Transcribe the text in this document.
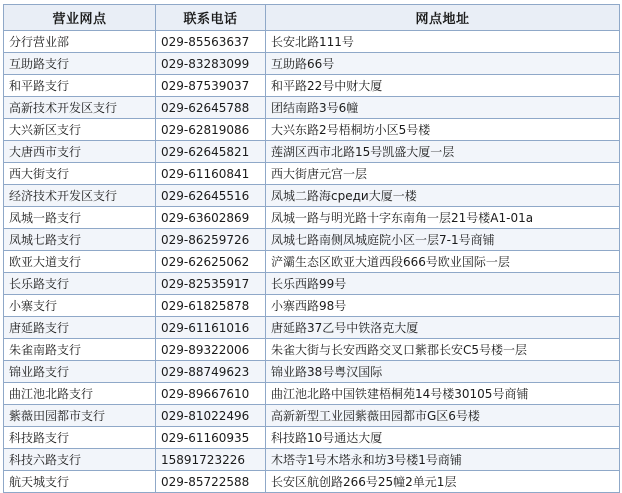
营业网点	联系电话	网点地址
分行营业部	029-85563637	长安北路111号
互助路支行	029-83283099	互助路66号
和平路支行	029-87539037	和平路22号中财大厦
高新技术开发区支行	029-62645788	团结南路3号6幢
大兴新区支行	029-62819086	大兴东路2号梧桐坊小区5号楼
大唐西市支行	029-62645821	莲湖区西市北路15号凯盛大厦一层
西大街支行	029-61160841	西大街唐元宫一层
经济技术开发区支行	029-62645516	凤城二路海среди大厦一楼
凤城一路支行	029-63602869	凤城一路与明光路十字东南角一层21号楼A1-01a
凤城七路支行	029-86259726	凤城七路南侧凤城庭院小区一层7-1号商铺
欧亚大道支行	029-62625062	浐灞生态区欧亚大道西段666号欧业国际一层
长乐路支行	029-82535917	长乐西路99号
小寨支行	029-61825878	小寨西路98号
唐延路支行	029-61161016	唐延路37乙号中铁洛克大厦
朱雀南路支行	029-89322006	朱雀大街与长安西路交叉口紫郡长安C5号楼一层
锦业路支行	029-88749623	锦业路38号粤汉国际
曲江池北路支行	029-89667610	曲江池北路中国铁建梧桐苑14号楼30105号商铺
紫薇田园都市支行	029-81022496	高新新型工业园紫薇田园都市G区6号楼
科技路支行	029-61160935	科技路10号通达大厦
科技六路支行	15891723226	木塔寺1号木塔永和坊3号楼1号商铺
航天城支行	029-85722588	长安区航创路266号25幢2单元1层
